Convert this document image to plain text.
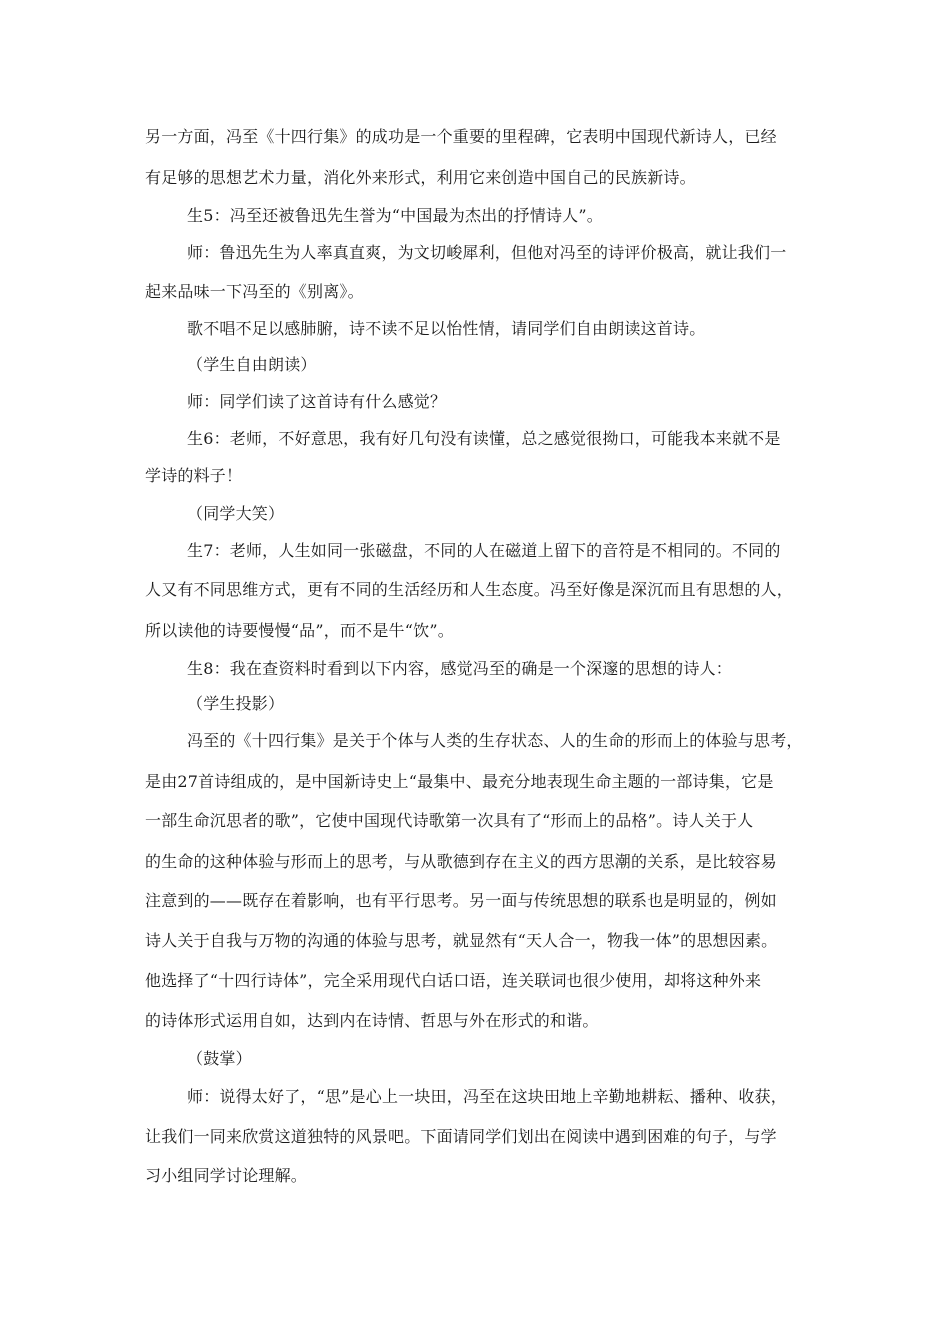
另一方面，冯至《十四行集》的成功是一个重要的里程碑，它表明中国现代新诗人，已经
有足够的思想艺术力量，消化外来形式，利用它来创造中国自己的民族新诗。
生5：冯至还被鲁迅先生誉为“中国最为杰出的抒情诗人”。
师：鲁迅先生为人率真直爽，为文切峻犀利，但他对冯至的诗评价极高，就让我们一
起来品味一下冯至的《别离》。
歌不唱不足以感肺腑，诗不读不足以怡性情，请同学们自由朗读这首诗。
（学生自由朗读）
师：同学们读了这首诗有什么感觉？
生6：老师，不好意思，我有好几句没有读懂，总之感觉很拗口，可能我本来就不是
学诗的料子！
（同学大笑）
生7：老师，人生如同一张磁盘，不同的人在磁道上留下的音符是不相同的。不同的
人又有不同思维方式，更有不同的生活经历和人生态度。冯至好像是深沉而且有思想的人，
所以读他的诗要慢慢“品”，而不是牛“饮”。
生8：我在查资料时看到以下内容，感觉冯至的确是一个深邃的思想的诗人：
（学生投影）
冯至的《十四行集》是关于个体与人类的生存状态、人的生命的形而上的体验与思考，
是由27首诗组成的，是中国新诗史上“最集中、最充分地表现生命主题的一部诗集，它是
一部生命沉思者的歌”，它使中国现代诗歌第一次具有了“形而上的品格”。诗人关于人
的生命的这种体验与形而上的思考，与从歌德到存在主义的西方思潮的关系，是比较容易
注意到的——既存在着影响，也有平行思考。另一面与传统思想的联系也是明显的，例如
诗人关于自我与万物的沟通的体验与思考，就显然有“天人合一，物我一体”的思想因素。
他选择了“十四行诗体”，完全采用现代白话口语，连关联词也很少使用，却将这种外来
的诗体形式运用自如，达到内在诗情、哲思与外在形式的和谐。
（鼓掌）
师：说得太好了，“思”是心上一块田，冯至在这块田地上辛勤地耕耘、播种、收获，
让我们一同来欣赏这道独特的风景吧。下面请同学们划出在阅读中遇到困难的句子，与学
习小组同学讨论理解。
